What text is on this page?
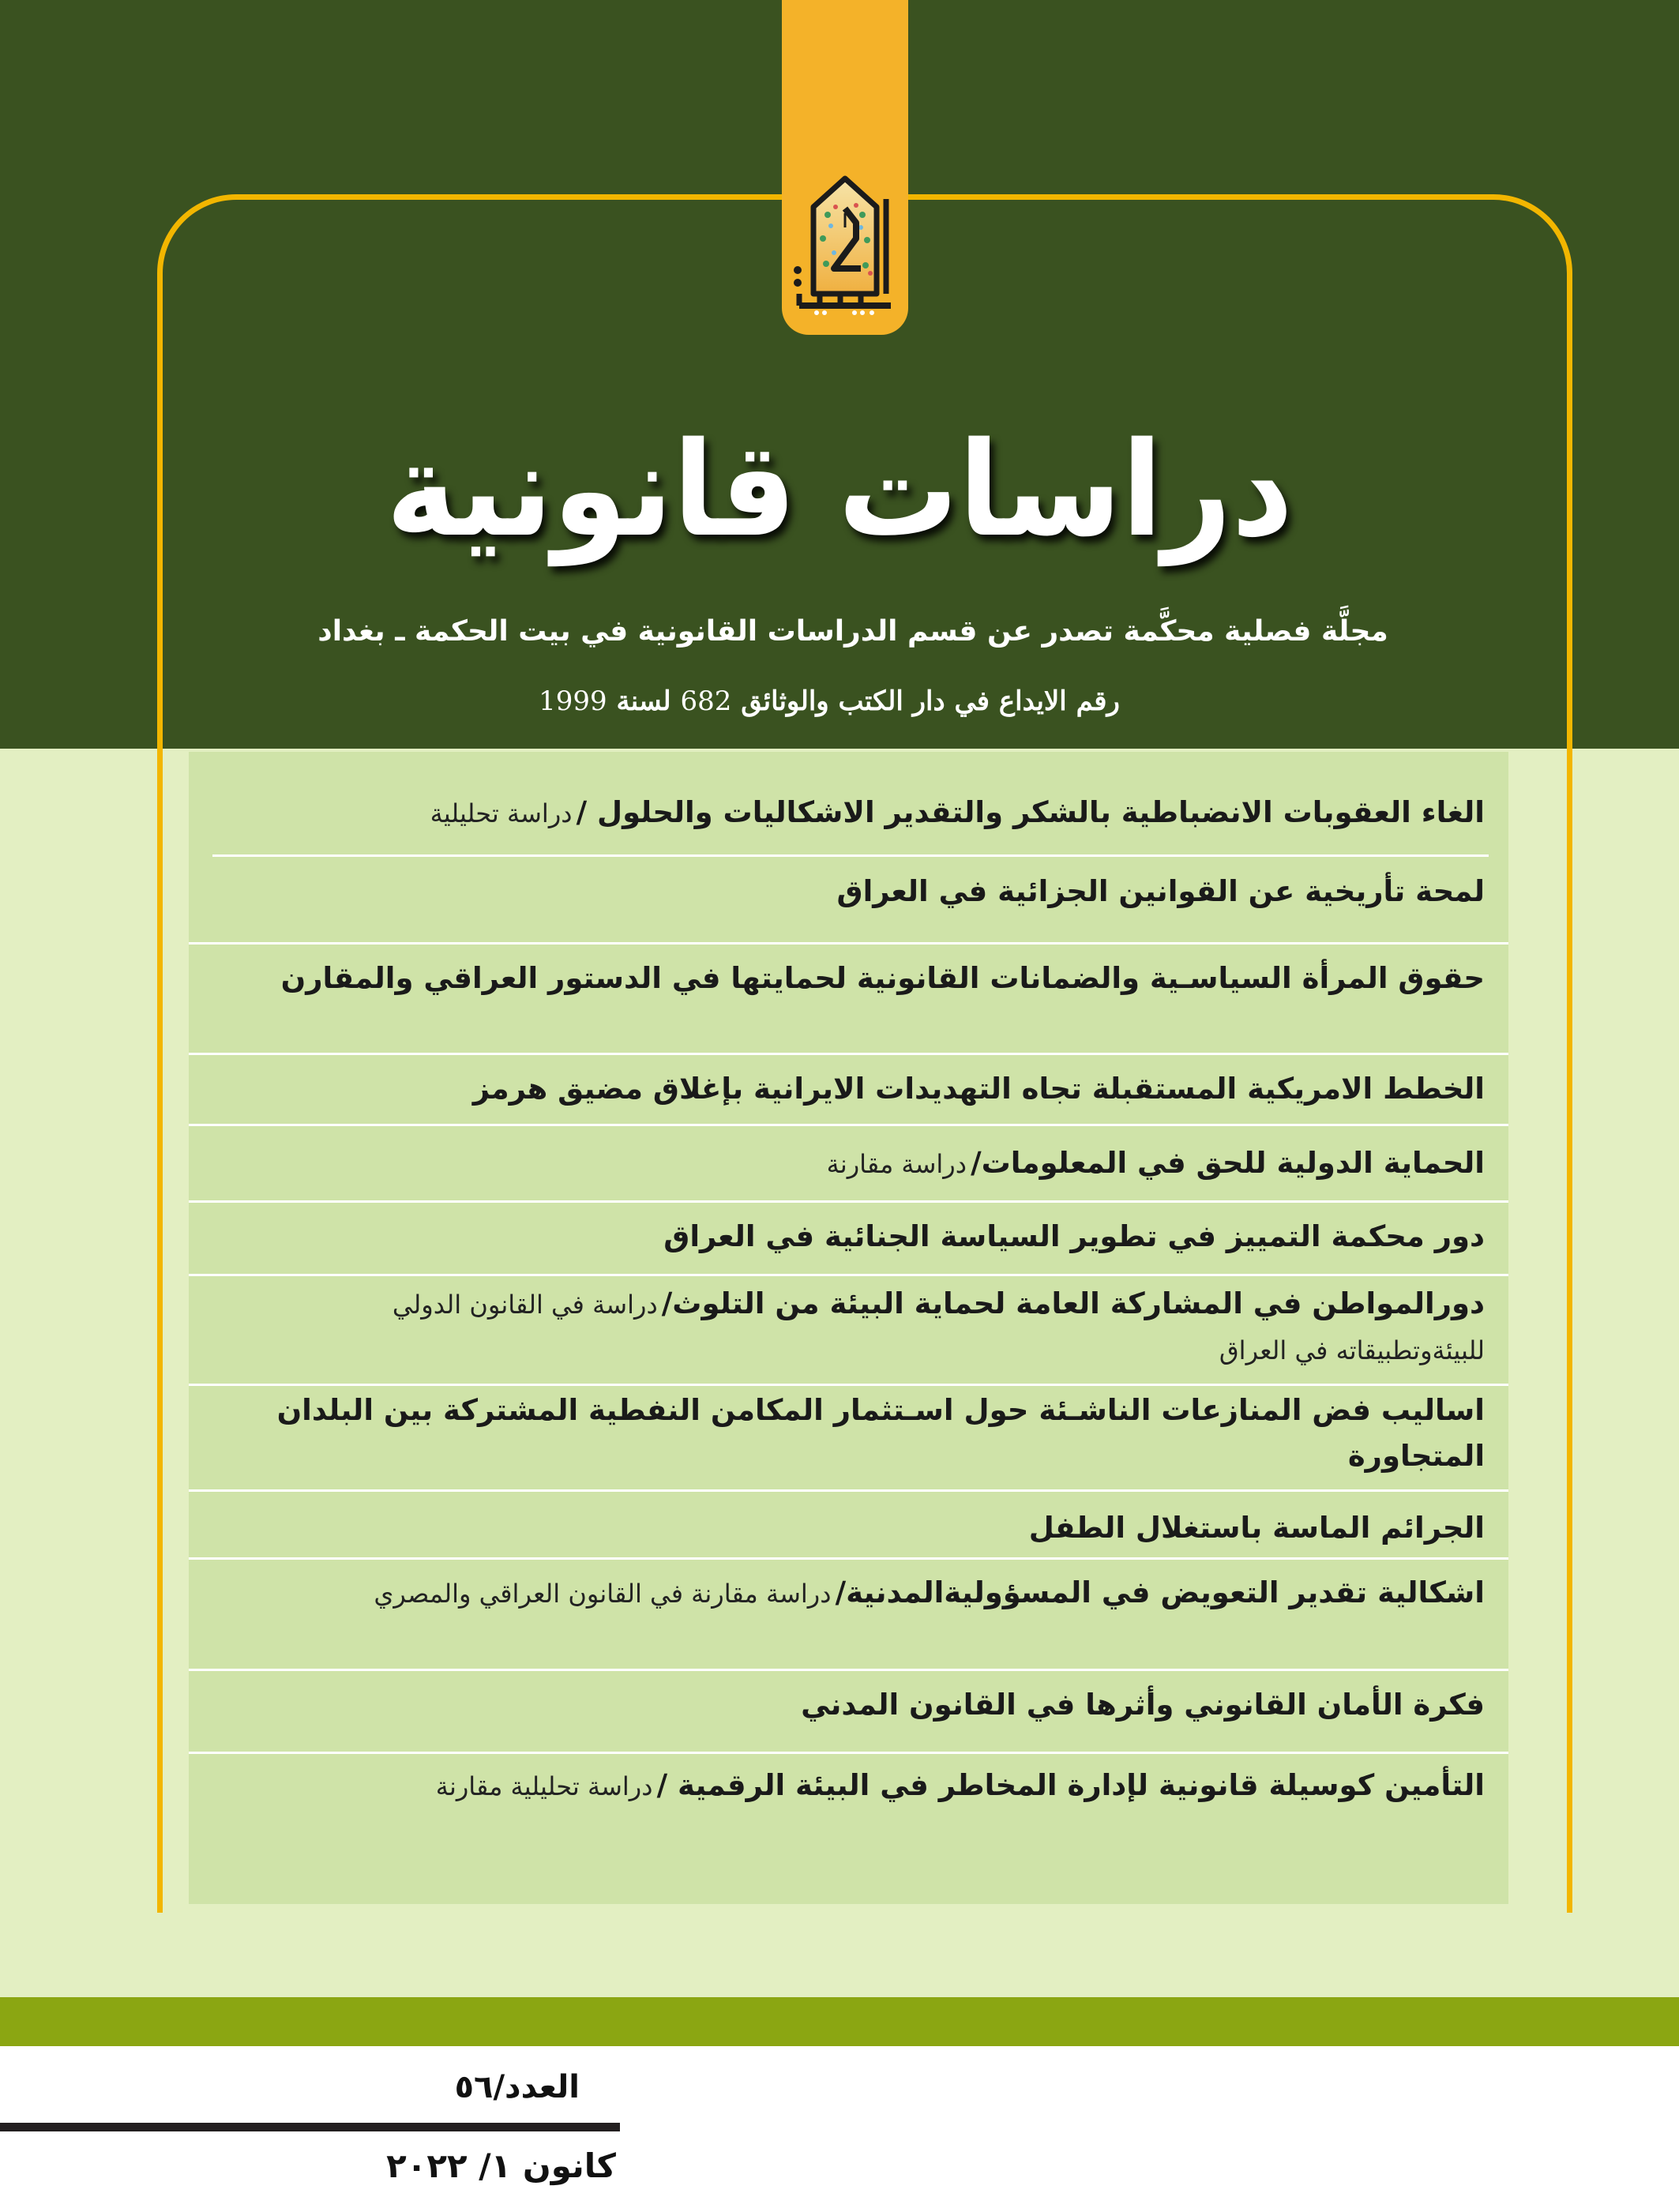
دراسات قانونية
مجلَّة فصلية محكَّمة تصدر عن قسم الدراسات القانونية في بيت الحكمة ـ بغداد
رقم الايداع في دار الكتب والوثائق 682 لسنة 1999
الغاء العقوبات الانضباطية بالشكر والتقدير الاشكاليات والحلول / دراسة تحليلية
لمحة تأريخية عن القوانين الجزائية في العراق
حقوق المرأة السياسـية والضمانات القانونية لحمايتها في الدستور العراقي والمقارن
الخطط الامريكية المستقبلة تجاه التهديدات الايرانية بإغلاق مضيق هرمز
الحماية الدولية للحق في المعلومات/ دراسة مقارنة
دور محكمة التمييز في تطوير السياسة الجنائية في العراق
دورالمواطن في المشاركة العامة لحماية البيئة من التلوث/ دراسة في القانون الدولي للبيئةوتطبيقاته في العراق
اساليب فض المنازعات الناشـئة حول اسـتثمار المكامن النفطية المشتركة بين البلدان المتجاورة
الجرائم الماسة باستغلال الطفل
اشكالية تقدير التعويض في المسؤوليةالمدنية/ دراسة مقارنة في القانون العراقي والمصري
فكرة الأمان القانوني وأثرها في القانون المدني
التأمين كوسيلة قانونية لإدارة المخاطر في البيئة الرقمية / دراسة تحليلية مقارنة
العدد/٥٦
كانون ١/ ٢٠٢٢
